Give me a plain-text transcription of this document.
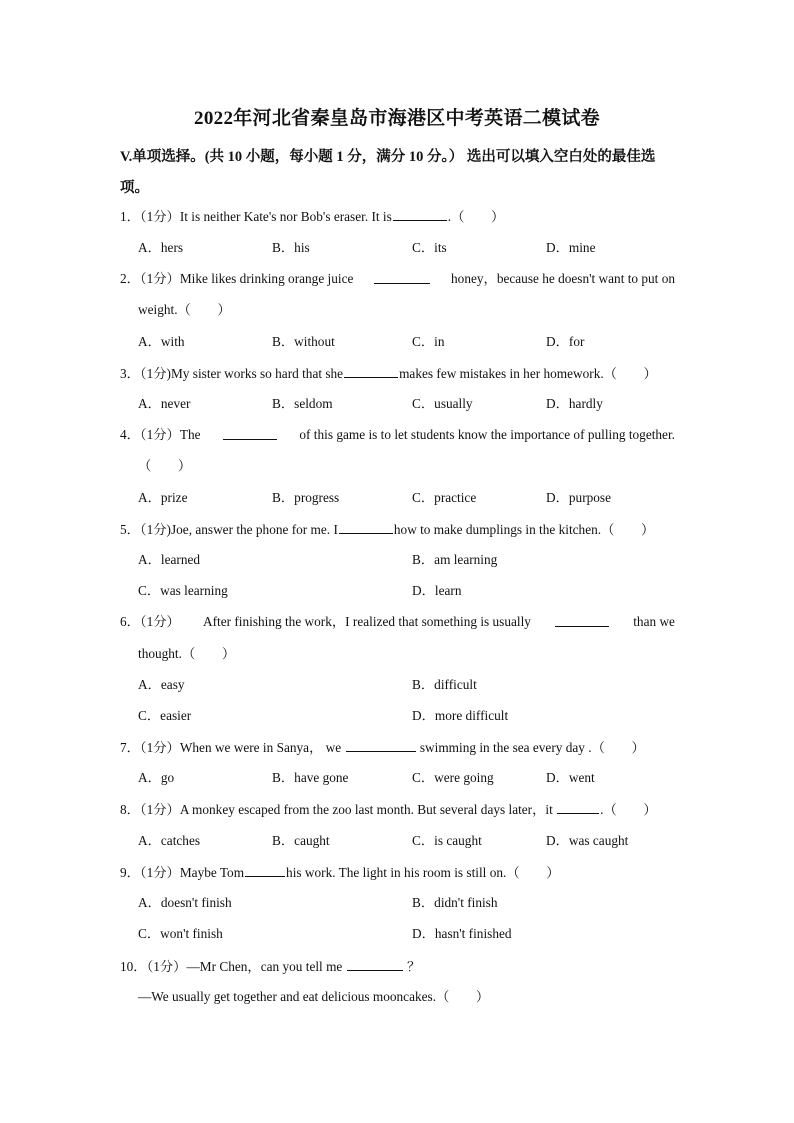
2022年河北省秦皇岛市海港区中考英语二模试卷
V.单项选择。(共 10 小题，每小题 1 分，满分 10 分。） 选出可以填入空白处的最佳选
项。
1．（1分）It is neither Kate's nor Bob's eraser. It is	.（　　）
A．hers	B．his	C．its	D．mine
2．（1分）Mike likes drinking orange juice	honey，because he doesn't want to put on
weight.（　　）
A．with	B．without	C．in	D．for
3．（1分)My sister works so hard that she	makes few mistakes in her homework.（　　）
A．never	B．seldom	C．usually	D．hardly
4．（1分）The	of this game is to let students know the importance of pulling together.
（　　）
A．prize	B．progress	C．practice	D．purpose
5．（1分)Joe, answer the phone for me. I	how to make dumplings in the kitchen.（　　）
A．learned	B．am learning
C．was learning	D．learn
6．（1分） After finishing the work，I realized that something is usually	than we
thought.（　　）
A．easy	B．difficult
C．easier	D．more difficult
7．（1分）When we were in Sanya， we	swimming in the sea every day .（　　）
A．go	B．have gone	C．were going	D．went
8．（1分）A monkey escaped from the zoo last month. But several days later，it	.（　　）
A．catches	B．caught	C．is caught	D．was caught
9．（1分）Maybe Tom	his work. The light in his room is still on.（　　）
A．doesn't finish	B．didn't finish
C．won't finish	D．hasn't finished
10．（1分）—Mr Chen，can you tell me	？
—We usually get together and eat delicious mooncakes.（　　）
